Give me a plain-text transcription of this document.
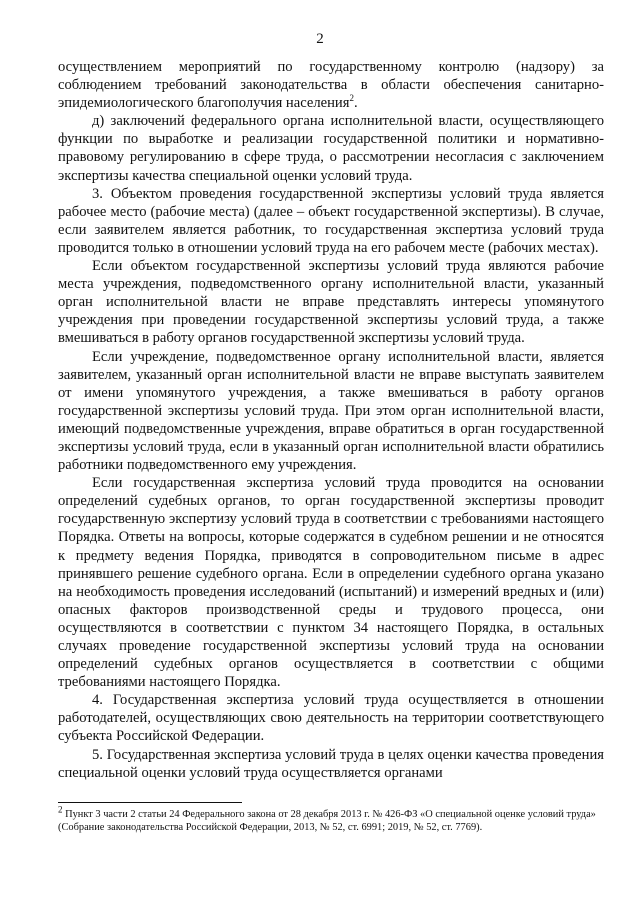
2

осуществлением мероприятий по государственному контролю (надзору) за соблюдением требований законодательства в области обеспечения санитарно-эпидемиологического благополучия населения$^2$.

д) заключений федерального органа исполнительной власти, осуществляющего функции по выработке и реализации государственной политики и нормативно-правовому регулированию в сфере труда, о рассмотрении несогласия с заключением экспертизы качества специальной оценки условий труда.

3. Объектом проведения государственной экспертизы условий труда является рабочее место (рабочие места) (далее – объект государственной экспертизы). В случае, если заявителем является работник, то государственная экспертиза условий труда проводится только в отношении условий труда на его рабочем месте (рабочих местах).

Если объектом государственной экспертизы условий труда являются рабочие места учреждения, подведомственного органу исполнительной власти, указанный орган исполнительной власти не вправе представлять интересы упомянутого учреждения при проведении государственной экспертизы условий труда, а также вмешиваться в работу органов государственной экспертизы условий труда.

Если учреждение, подведомственное органу исполнительной власти, является заявителем, указанный орган исполнительной власти не вправе выступать заявителем от имени упомянутого учреждения, а также вмешиваться в работу органов государственной экспертизы условий труда. При этом орган исполнительной власти, имеющий подведомственные учреждения, вправе обратиться в орган государственной экспертизы условий труда, если в указанный орган исполнительной власти обратились работники подведомственного ему учреждения.

Если государственная экспертиза условий труда проводится на основании определений судебных органов, то орган государственной экспертизы проводит государственную экспертизу условий труда в соответствии с требованиями настоящего Порядка. Ответы на вопросы, которые содержатся в судебном решении и не относятся к предмету ведения Порядка, приводятся в сопроводительном письме в адрес принявшего решение судебного органа. Если в определении судебного органа указано на необходимость проведения исследований (испытаний) и измерений вредных и (или) опасных факторов производственной среды и трудового процесса, они осуществляются в соответствии с пунктом 34 настоящего Порядка, в остальных случаях проведение государственной экспертизы условий труда на основании определений судебных органов осуществляется в соответствии с общими требованиями настоящего Порядка.

4. Государственная экспертиза условий труда осуществляется в отношении работодателей, осуществляющих свою деятельность на территории соответствующего субъекта Российской Федерации.

5. Государственная экспертиза условий труда в целях оценки качества проведения специальной оценки условий труда осуществляется органами

$^2$ Пункт 3 части 2 статьи 24 Федерального закона от 28 декабря 2013 г. № 426-ФЗ «О специальной оценке условий труда» (Собрание законодательства Российской Федерации, 2013, № 52, ст. 6991; 2019, № 52, ст. 7769).
